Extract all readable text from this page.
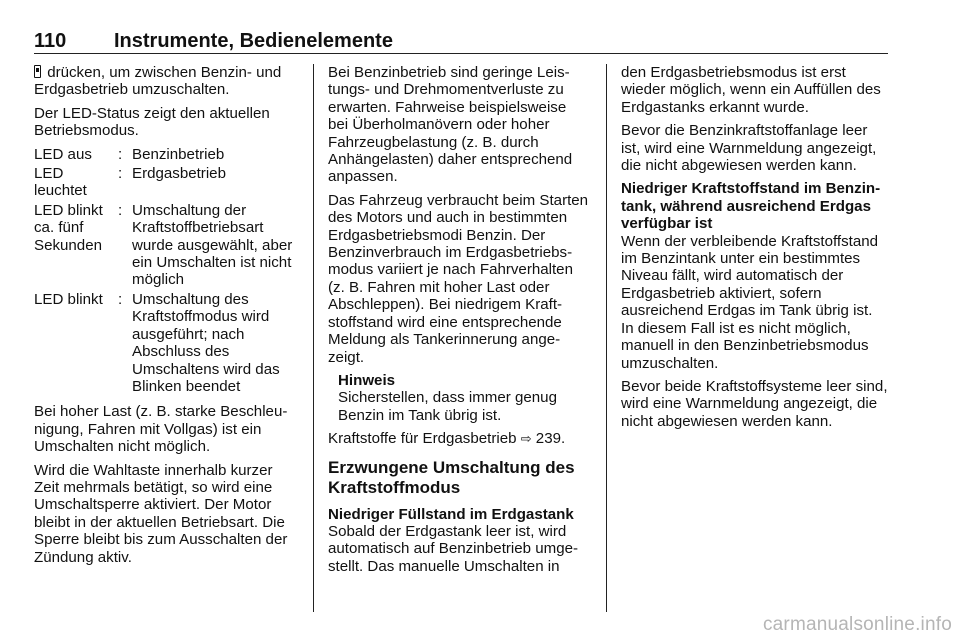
110 Instrumente, Bedienelemente

drücken, um zwischen Benzin- und Erdgasbetrieb umzuschalten.

Der LED-Status zeigt den aktuellen Betriebsmodus.

LED aus	: Benzinbetrieb
LED leuchtet
: Erdgasbetrieb
LED blinkt ca. fünf Sekunden
: Umschaltung der Kraftstoffbetriebsart wurde ausgewählt, aber ein Umschalten ist nicht möglich
LED blinkt	: Umschaltung des Kraftstoffmodus wird ausgeführt; nach Abschluss des Umschaltens wird das Blinken beendet

Bei hoher Last (z. B. starke Beschleunigung, Fahren mit Vollgas) ist ein Umschalten nicht möglich.

Wird die Wahltaste innerhalb kurzer Zeit mehrmals betätigt, so wird eine Umschaltsperre aktiviert. Der Motor bleibt in der aktuellen Betriebsart. Die Sperre bleibt bis zum Ausschalten der Zündung aktiv.

Bei Benzinbetrieb sind geringe Leistungs- und Drehmomentverluste zu erwarten. Fahrweise beispielsweise bei Überholmanövern oder hoher Fahrzeugbelastung (z. B. durch Anhängelasten) daher entsprechend anpassen.

Das Fahrzeug verbraucht beim Starten des Motors und auch in bestimmten Erdgasbetriebsmodi Benzin. Der Benzinverbrauch im Erdgasbetriebsmodus variiert je nach Fahrverhalten (z. B. Fahren mit hoher Last oder Abschleppen). Bei niedrigem Kraftstoffstand wird eine entsprechende Meldung als Tankerinnerung angezeigt.

Hinweis
Sicherstellen, dass immer genug Benzin im Tank übrig ist.

Kraftstoffe für Erdgasbetrieb ⇨ 239.

Erzwungene Umschaltung des Kraftstoffmodus
Niedriger Füllstand im Erdgastank

Sobald der Erdgastank leer ist, wird automatisch auf Benzinbetrieb umgestellt. Das manuelle Umschalten in

den Erdgasbetriebsmodus ist erst wieder möglich, wenn ein Auffüllen des Erdgastanks erkannt wurde.

Bevor die Benzinkraftstoffanlage leer ist, wird eine Warnmeldung angezeigt, die nicht abgewiesen werden kann.

Niedriger Kraftstoffstand im Benzintank, während ausreichend Erdgas verfügbar ist

Wenn der verbleibende Kraftstoffstand im Benzintank unter ein bestimmtes Niveau fällt, wird automatisch der Erdgasbetrieb aktiviert, sofern ausreichend Erdgas im Tank übrig ist. In diesem Fall ist es nicht möglich, manuell in den Benzinbetriebsmodus umzuschalten.

Bevor beide Kraftstoffsysteme leer sind, wird eine Warnmeldung angezeigt, die nicht abgewiesen werden kann.

carmanualsonline.info
